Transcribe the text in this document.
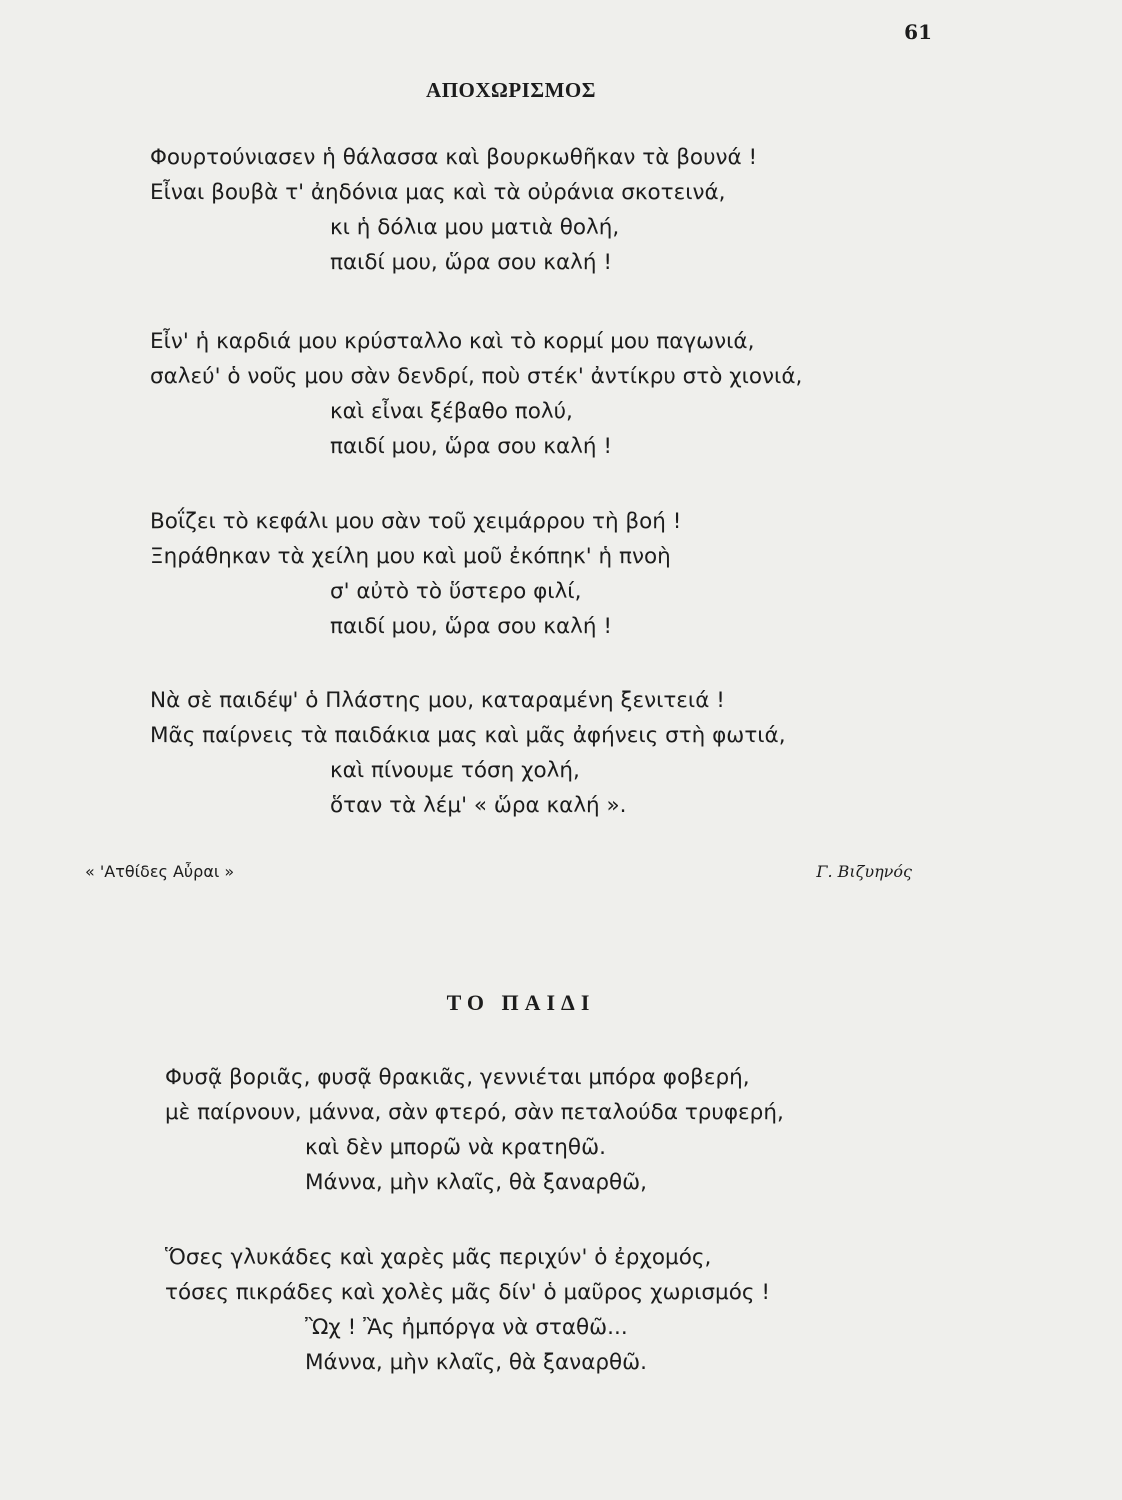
61
ΑΠΟΧΩΡΙΣΜΟΣ
Φουρτούνιασεν ἡ θάλασσα καὶ βουρκωθῆκαν τὰ βουνά !
Εἶναι βουβὰ τ' ἀηδόνια μας καὶ τὰ οὐράνια σκοτεινά,
κι ἡ δόλια μου ματιὰ θολή,
παιδί μου, ὥρα σου καλή !
Εἶν' ἡ καρδιά μου κρύσταλλο καὶ τὸ κορμί μου παγωνιά,
σαλεύ' ὁ νοῦς μου σὰν δενδρί, ποὺ στέκ' ἀντίκρυ στὸ χιονιά,
καὶ εἶναι ξέβαθο πολύ,
παιδί μου, ὥρα σου καλή !
Βοΐζει τὸ κεφάλι μου σὰν τοῦ χειμάρρου τὴ βοή !
Ξηράθηκαν τὰ χείλη μου καὶ μοῦ ἐκόπηκ' ἡ πνοὴ
σ' αὐτὸ τὸ ὕστερο φιλί,
παιδί μου, ὥρα σου καλή !
Νὰ σὲ παιδέψ' ὁ Πλάστης μου, καταραμένη ξενιτειά !
Μᾶς παίρνεις τὰ παιδάκια μας καὶ μᾶς ἀφήνεις στὴ φωτιά,
καὶ πίνουμε τόση χολή,
ὅταν τὰ λέμ' « ὥρα καλή ».
« 'Ατθίδες Αὖραι »	Γ. Βιζυηνός
ΤΟ ΠΑΙΔΙ
Φυσᾷ βοριᾶς, φυσᾷ θρακιᾶς, γεννιέται μπόρα φοβερή,
μὲ παίρνουν, μάννα, σὰν φτερό, σὰν πεταλούδα τρυφερή,
καὶ δὲν μπορῶ νὰ κρατηθῶ.
Μάννα, μὴν κλαῖς, θὰ ξαναρθῶ,
Ὅσες γλυκάδες καὶ χαρὲς μᾶς περιχύν' ὁ ἐρχομός,
τόσες πικράδες καὶ χολὲς μᾶς δίν' ὁ μαῦρος χωρισμός !
Ὢχ ! Ἂς ἠμπόργα νὰ σταθῶ...
Μάννα, μὴν κλαῖς, θὰ ξαναρθῶ.
